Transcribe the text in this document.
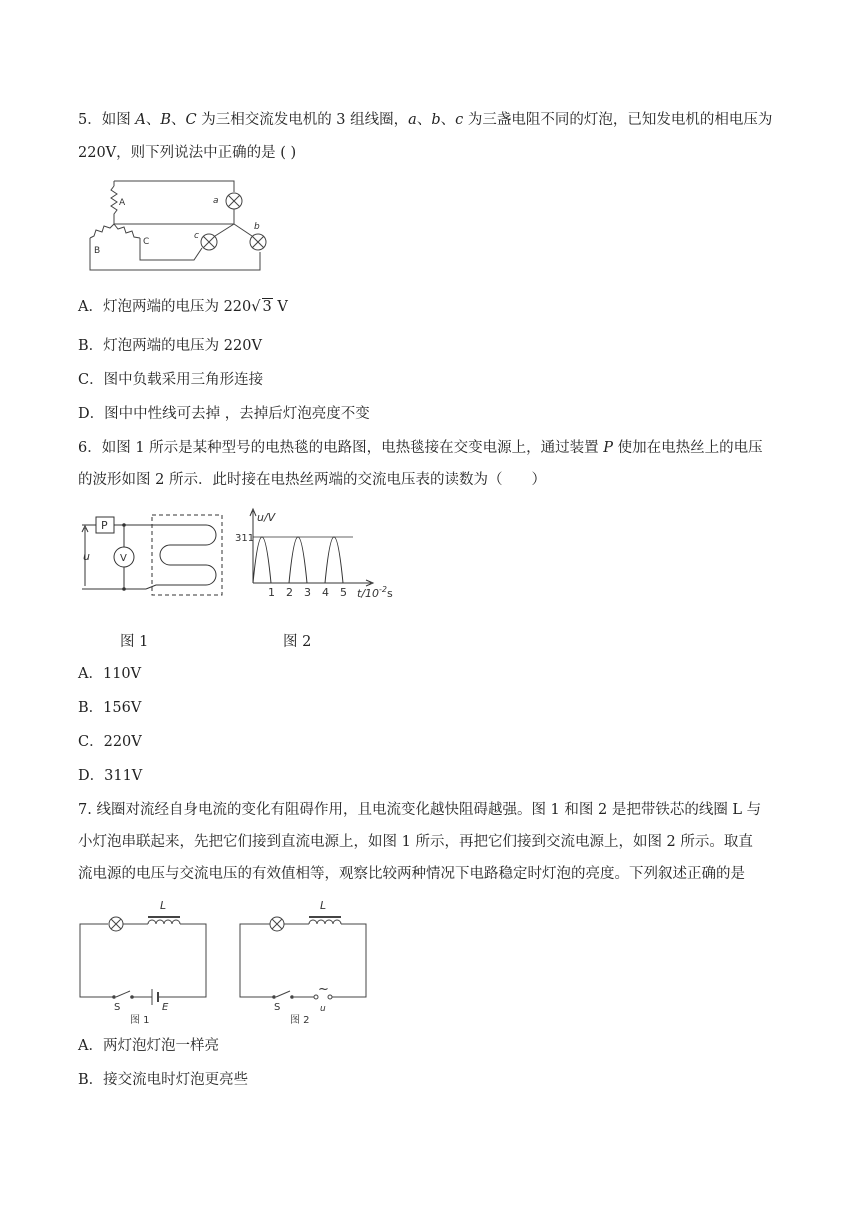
5．如图 A、B、C 为三相交流发电机的 3 组线圈，a、b、c 为三盏电阻不同的灯泡，已知发电机的相电压为
220V，则下列说法中正确的是 ( )
A
B
C
a
b
c
A．灯泡两端的电压为 220√ 3 V
B．灯泡两端的电压为 220V
C．图中负载采用三角形连接
D．图中中性线可去掉 ，去掉后灯泡亮度不变
6．如图 1 所示是某种型号的电热毯的电路图，电热毯接在交变电源上，通过装置 P 使加在电热丝上的电压
的波形如图 2 所示．此时接在电热丝两端的交流电压表的读数为（　　）
P
V
u
u/V
311
1 2 3 4 5 $t/10^{-2}s$
图 1	图 2
A．110V
B．156V
C．220V
D．311V
7. 线圈对流经自身电流的变化有阻碍作用，且电流变化越快阻碍越强。图 1 和图 2 是把带铁芯的线圈 L 与
小灯泡串联起来，先把它们接到直流电源上，如图 1 所示，再把它们接到交流电源上，如图 2 所示。取直
流电源的电压与交流电压的有效值相等，观察比较两种情况下电路稳定时灯泡的亮度。下列叙述正确的是
L	L
S	S
E
~
u
图 1	图 2
A．两灯泡灯泡一样亮
B．接交流电时灯泡更亮些
